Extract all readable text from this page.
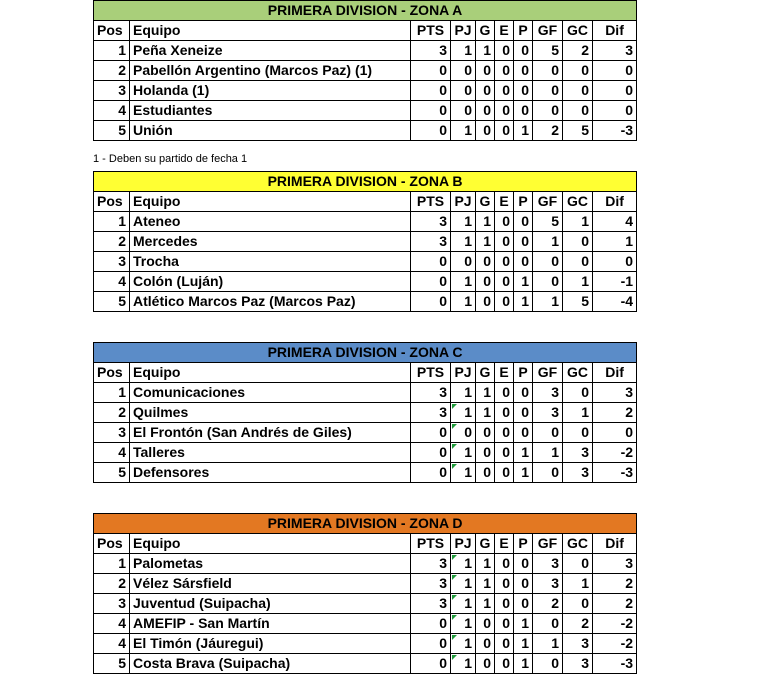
PRIMERA DIVISION - ZONA A									
Pos	Equipo	PTS	PJ	G	E	P	GF	GC	Dif
1	Peña Xeneize	3	1	1	0	0	5	2	3
2	Pabellón Argentino (Marcos Paz) (1)	0	0	0	0	0	0	0	0
3	Holanda (1)	0	0	0	0	0	0	0	0
4	Estudiantes	0	0	0	0	0	0	0	0
5	Unión	0	1	0	0	1	2	5	-3
1 - Deben su partido de fecha 1
PRIMERA DIVISION - ZONA B									
Pos	Equipo	PTS	PJ	G	E	P	GF	GC	Dif
1	Ateneo	3	1	1	0	0	5	1	4
2	Mercedes	3	1	1	0	0	1	0	1
3	Trocha	0	0	0	0	0	0	0	0
4	Colón (Luján)	0	1	0	0	1	0	1	-1
5	Atlético Marcos Paz (Marcos Paz)	0	1	0	0	1	1	5	-4
PRIMERA DIVISION - ZONA C									
Pos	Equipo	PTS	PJ	G	E	P	GF	GC	Dif
1	Comunicaciones	3	1	1	0	0	3	0	3
2	Quilmes	3	1	1	0	0	3	1	2
3	El Frontón (San Andrés de Giles)	0	0	0	0	0	0	0	0
4	Talleres	0	1	0	0	1	1	3	-2
5	Defensores	0	1	0	0	1	0	3	-3
PRIMERA DIVISION - ZONA D									
Pos	Equipo	PTS	PJ	G	E	P	GF	GC	Dif
1	Palometas	3	1	1	0	0	3	0	3
2	Vélez Sársfield	3	1	1	0	0	3	1	2
3	Juventud (Suipacha)	3	1	1	0	0	2	0	2
4	AMEFIP - San Martín	0	1	0	0	1	0	2	-2
4	El Timón (Jáuregui)	0	1	0	0	1	1	3	-2
5	Costa Brava (Suipacha)	0	1	0	0	1	0	3	-3
